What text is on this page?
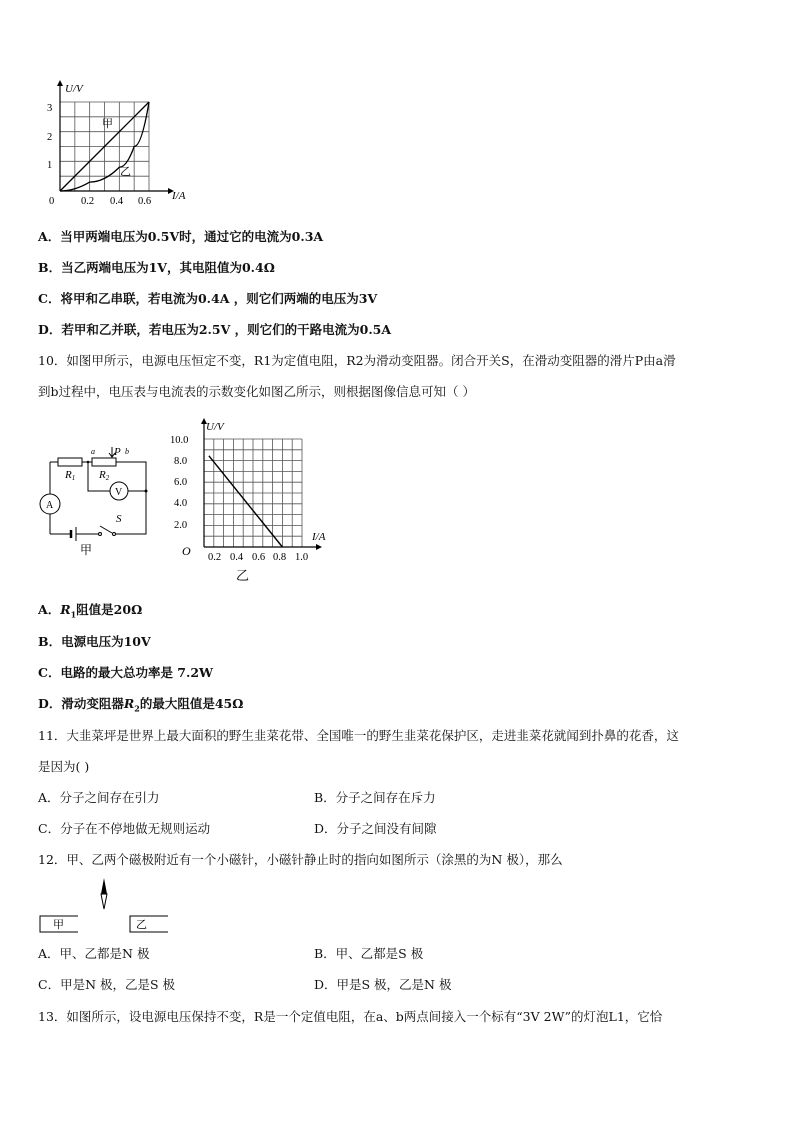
U/V
I/A
0
3
2
1
0.2 0.4 0.6
甲
乙
A．当甲两端电压为0.5V时，通过它的电流为0.3A
B．当乙两端电压为1V，其电阻值为0.4Ω
C．将甲和乙串联，若电流为0.4A ，则它们两端的电压为3V
D．若甲和乙并联，若电压为2.5V ，则它们的干路电流为0.5A
10．如图甲所示，电源电压恒定不变，R1为定值电阻，R2为滑动变阻器。闭合开关S，在滑动变阻器的滑片P由a滑
到b过程中，电压表与电流表的示数变化如图乙所示，则根据图像信息可知（ ）
a P b
R1 R2
V
A
S
甲
U/V
I/A
O
10.0
8.0
6.0
4.0
2.0
0.2 0.4 0.6 0.8 1.0
乙
A．$R_1$阻值是20Ω
B．电源电压为10V
C．电路的最大总功率是 7.2W
D．滑动变阻器$R_2$的最大阻值是45Ω
11．大韭菜坪是世界上最大面积的野生韭菜花带、全国唯一的野生韭菜花保护区，走进韭菜花就闻到扑鼻的花香，这
是因为( )
A．分子之间存在引力	B．分子之间存在斥力
C．分子在不停地做无规则运动	D．分子之间没有间隙
12．甲、乙两个磁极附近有一个小磁针，小磁针静止时的指向如图所示（涂黑的为N 极），那么
甲	乙
A．甲、乙都是N 极	B．甲、乙都是S 极
C．甲是N 极，乙是S 极	D．甲是S 极，乙是N 极
13．如图所示，设电源电压保持不变，R是一个定值电阻，在a、b两点间接入一个标有“3V 2W”的灯泡L1，它恰
